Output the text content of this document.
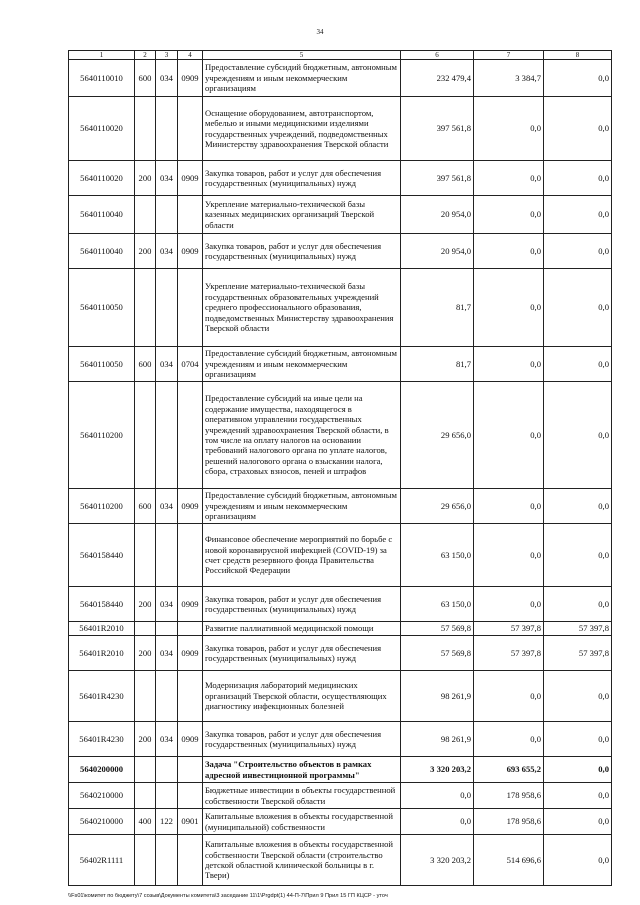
34
1	2	3	4	5	6	7	8
5640110010	600	034	0909	Предоставление субсидий бюджетным, автономным учреждениям и иным некоммерческим организациям	232 479,4	3 384,7	0,0
5640110020				Оснащение оборудованием, автотранспортом, мебелью и иными медицинскими изделиями государственных учреждений, подведомственных Министерству здравоохранения Тверской области	397 561,8	0,0	0,0
5640110020	200	034	0909	Закупка товаров, работ и услуг для обеспечения государственных (муниципальных) нужд	397 561,8	0,0	0,0
5640110040				Укрепление материально-технической базы казенных медицинских организаций Тверской области	20 954,0	0,0	0,0
5640110040	200	034	0909	Закупка товаров, работ и услуг для обеспечения государственных (муниципальных) нужд	20 954,0	0,0	0,0
5640110050				Укрепление материально-технической базы государственных образовательных учреждений среднего профессионального образования, подведомственных Министерству здравоохранения Тверской области	81,7	0,0	0,0
5640110050	600	034	0704	Предоставление субсидий бюджетным, автономным учреждениям и иным некоммерческим организациям	81,7	0,0	0,0
5640110200				Предоставление субсидий на иные цели на содержание имущества, находящегося в оперативном управлении государственных учреждений здравоохранения Тверской области, в том числе на оплату налогов на основании требований налогового органа по уплате налогов, решений налогового органа о взыскании налога, сбора, страховых взносов, пеней и штрафов	29 656,0	0,0	0,0
5640110200	600	034	0909	Предоставление субсидий бюджетным, автономным учреждениям и иным некоммерческим организациям	29 656,0	0,0	0,0
5640158440				Финансовое обеспечение мероприятий по борьбе с новой коронавирусной инфекцией (COVID-19) за счет средств резервного фонда Правительства Российской Федерации	63 150,0	0,0	0,0
5640158440	200	034	0909	Закупка товаров, работ и услуг для обеспечения государственных (муниципальных) нужд	63 150,0	0,0	0,0
56401R2010				Развитие паллиативной медицинской помощи	57 569,8	57 397,8	57 397,8
56401R2010	200	034	0909	Закупка товаров, работ и услуг для обеспечения государственных (муниципальных) нужд	57 569,8	57 397,8	57 397,8
56401R4230				Модернизация лабораторий медицинских организаций Тверской области, осуществляющих диагностику инфекционных болезней	98 261,9	0,0	0,0
56401R4230	200	034	0909	Закупка товаров, работ и услуг для обеспечения государственных (муниципальных) нужд	98 261,9	0,0	0,0
5640200000				Задача "Строительство объектов в рамках адресной инвестиционной программы"	3 320 203,2	693 655,2	0,0
5640210000				Бюджетные инвестиции в объекты государственной собственности Тверской области	0,0	178 958,6	0,0
5640210000	400	122	0901	Капитальные вложения в объекты государственной (муниципальной) собственности	0,0	178 958,6	0,0
56402R1111				Капитальные вложения в объекты государственной собственности Тверской области (строительство детской областной клинической больницы в г. Твери)	3 320 203,2	514 696,6	0,0
\\Fs01\комитет по бюджету\7 созыв\Документы комитета\3 заседание 11\1\Prgdpt(1) 44-П-7\Прил 9 Прил 15 ГП КЦСР - уточ
